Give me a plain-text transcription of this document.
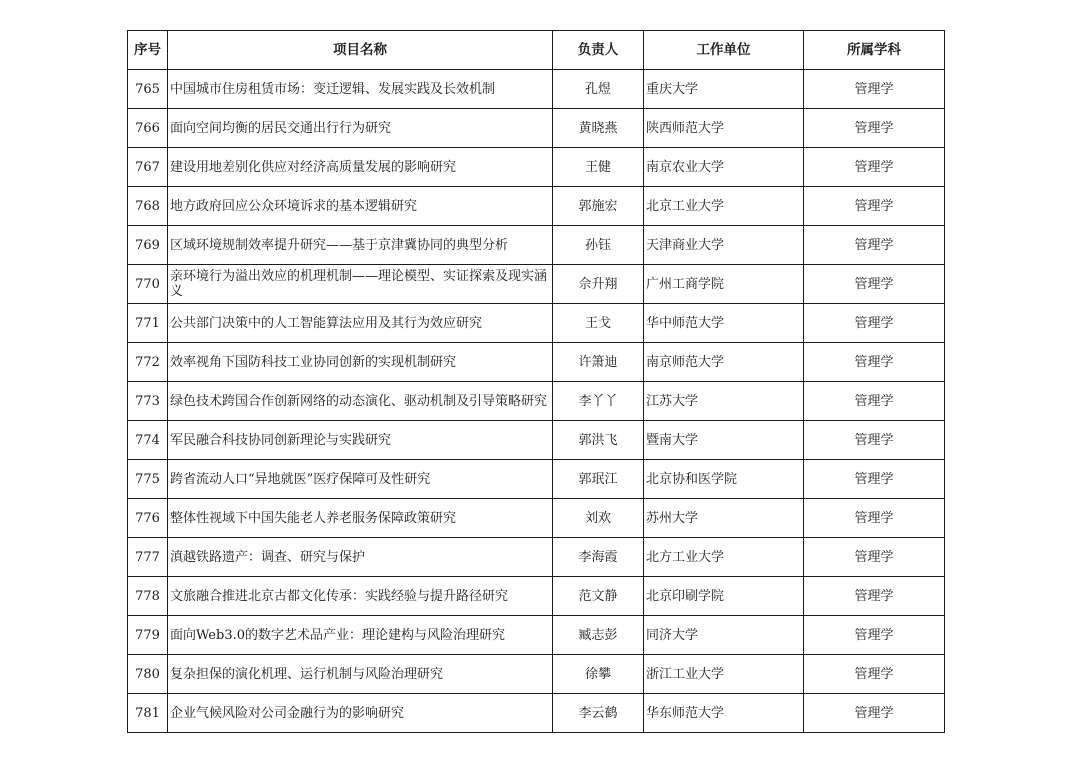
序号	项目名称	负责人	工作单位	所属学科
765	中国城市住房租赁市场：变迁逻辑、发展实践及长效机制	孔煜	重庆大学	管理学
766	面向空间均衡的居民交通出行行为研究	黄晓燕	陕西师范大学	管理学
767	建设用地差别化供应对经济高质量发展的影响研究	王健	南京农业大学	管理学
768	地方政府回应公众环境诉求的基本逻辑研究	郭施宏	北京工业大学	管理学
769	区域环境规制效率提升研究——基于京津冀协同的典型分析	孙钰	天津商业大学	管理学
770	亲环境行为溢出效应的机理机制——理论模型、实证探索及现实涵义	佘升翔	广州工商学院	管理学
771	公共部门决策中的人工智能算法应用及其行为效应研究	王戈	华中师范大学	管理学
772	效率视角下国防科技工业协同创新的实现机制研究	许箫迪	南京师范大学	管理学
773	绿色技术跨国合作创新网络的动态演化、驱动机制及引导策略研究	李丫丫	江苏大学	管理学
774	军民融合科技协同创新理论与实践研究	郭洪飞	暨南大学	管理学
775	跨省流动人口“异地就医”医疗保障可及性研究	郭珉江	北京协和医学院	管理学
776	整体性视域下中国失能老人养老服务保障政策研究	刘欢	苏州大学	管理学
777	滇越铁路遗产：调查、研究与保护	李海霞	北方工业大学	管理学
778	文旅融合推进北京古都文化传承：实践经验与提升路径研究	范文静	北京印刷学院	管理学
779	面向Web3.0的数字艺术品产业：理论建构与风险治理研究	臧志彭	同济大学	管理学
780	复杂担保的演化机理、运行机制与风险治理研究	徐攀	浙江工业大学	管理学
781	企业气候风险对公司金融行为的影响研究	李云鹤	华东师范大学	管理学
